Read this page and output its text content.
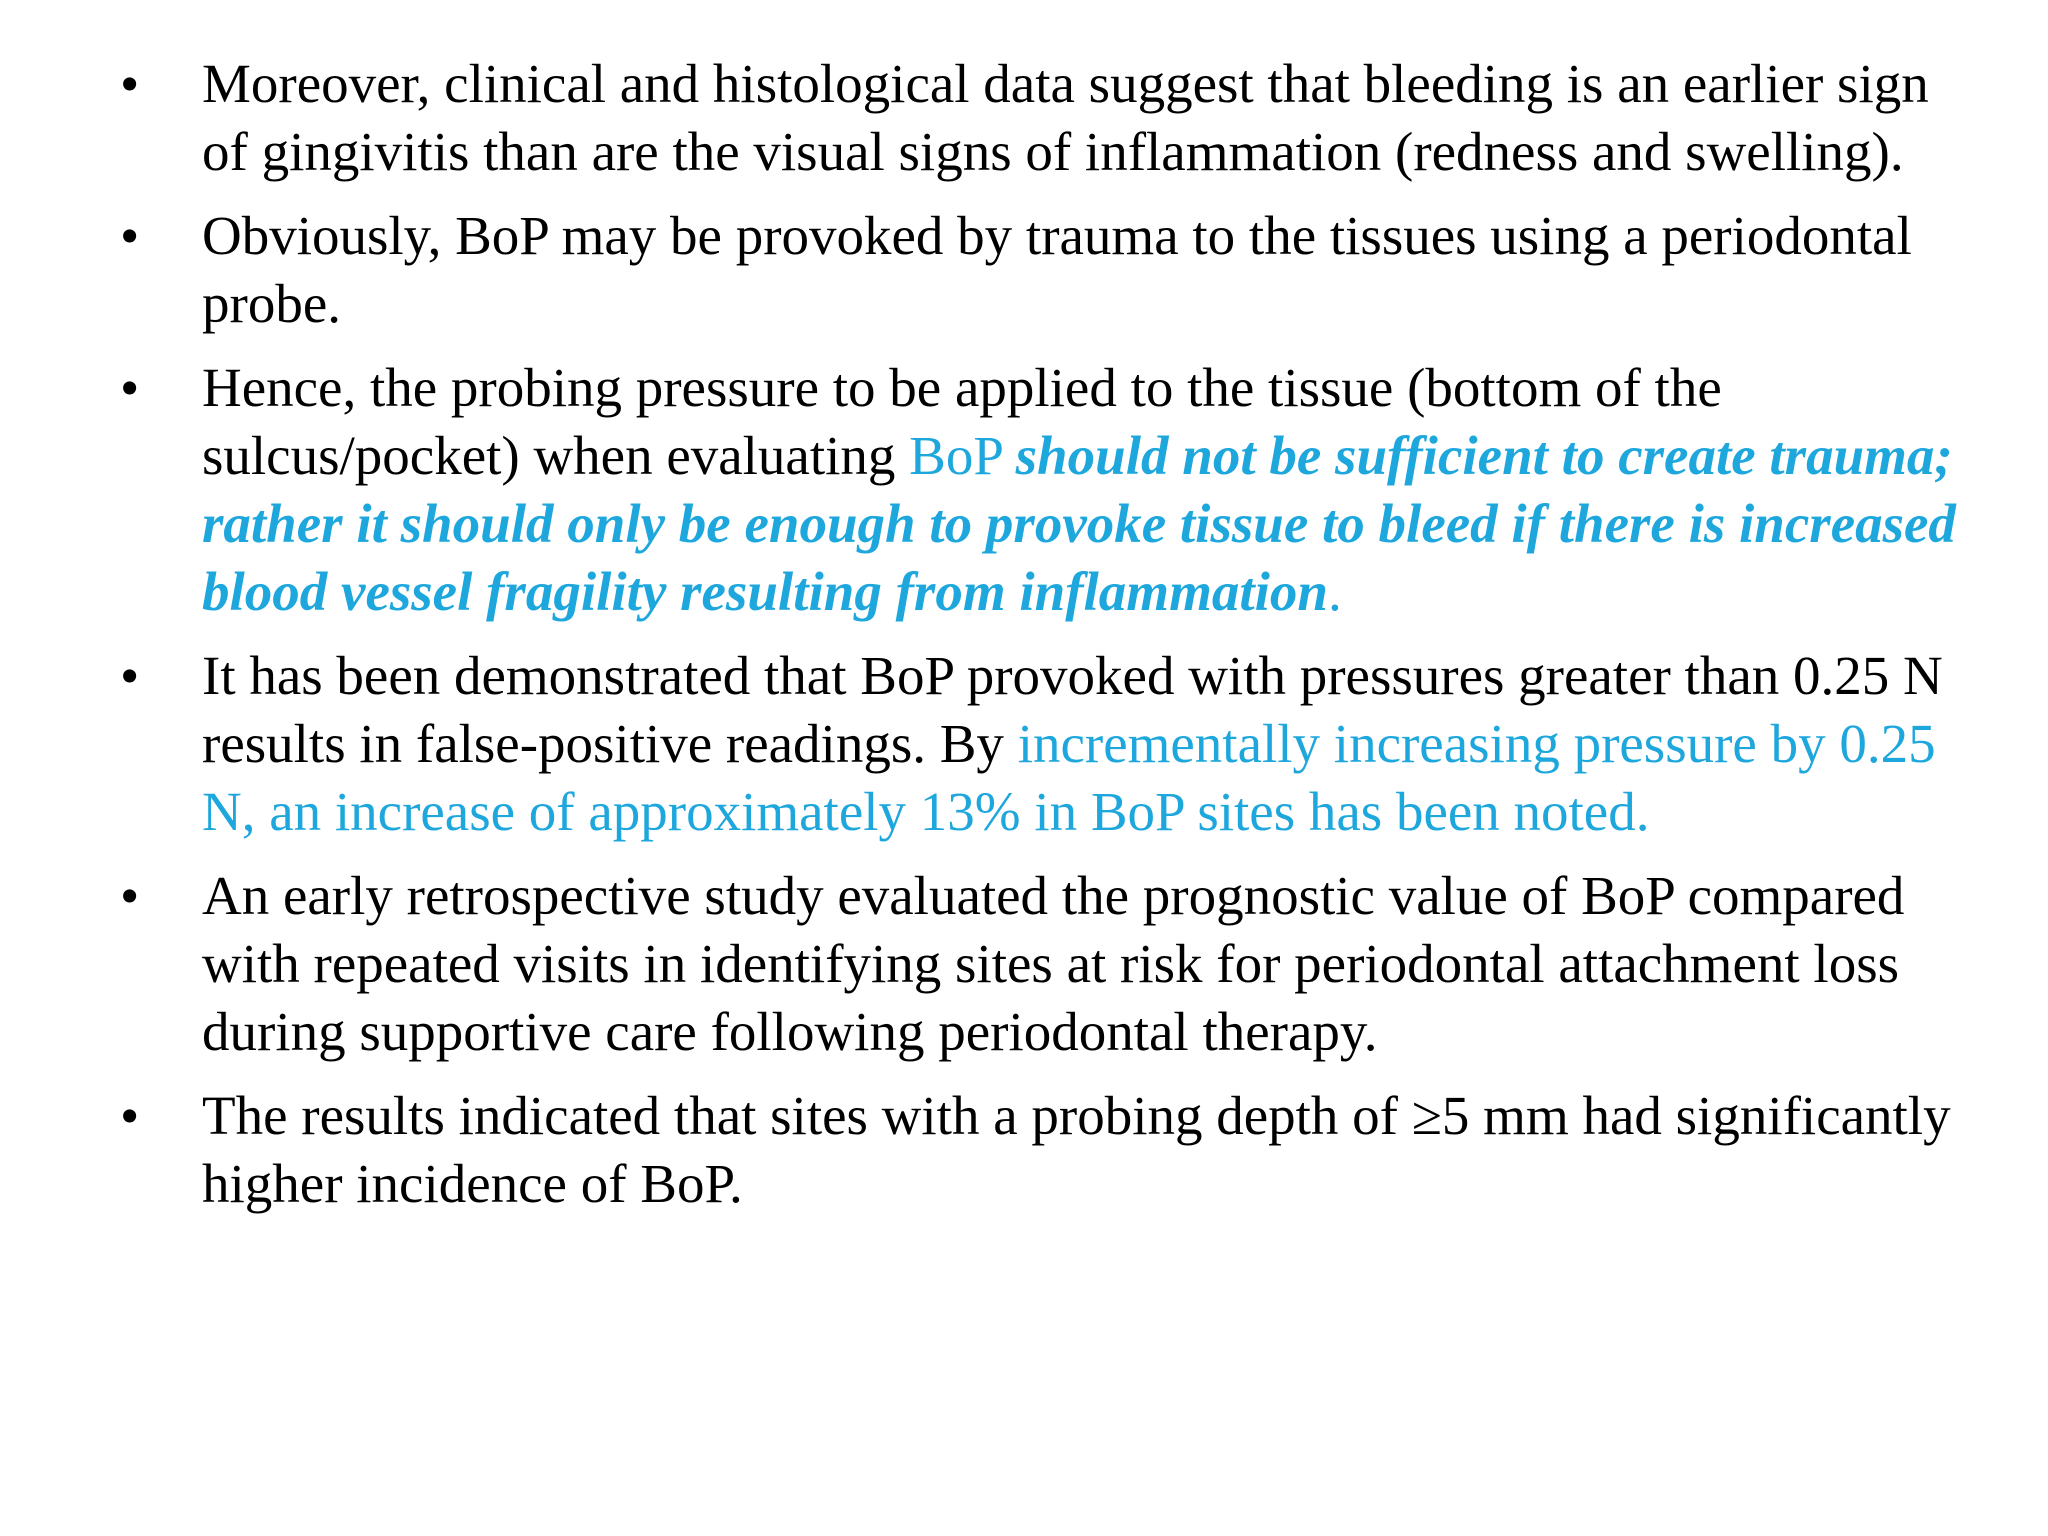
•	Moreover, clinical and histological data suggest that bleeding is an earlier sign of gingivitis than are the visual signs of inflammation (redness and swelling).
•	Obviously, BoP may be provoked by trauma to the tissues using a periodontal probe.
•	Hence, the probing pressure to be applied to the tissue (bottom of the sulcus/pocket) when evaluating BoP should not be sufficient to create trauma; rather it should only be enough to provoke tissue to bleed if there is increased blood vessel fragility resulting from inflammation.
•	It has been demonstrated that BoP provoked with pressures greater than 0.25 N results in false-positive readings. By incrementally increasing pressure by 0.25 N, an increase of approximately 13% in BoP sites has been noted.
•	An early retrospective study evaluated the prognostic value of BoP compared with repeated visits in identifying sites at risk for periodontal attachment loss during supportive care following periodontal therapy.
•	The results indicated that sites with a probing depth of ≥5 mm had significantly higher incidence of BoP.
